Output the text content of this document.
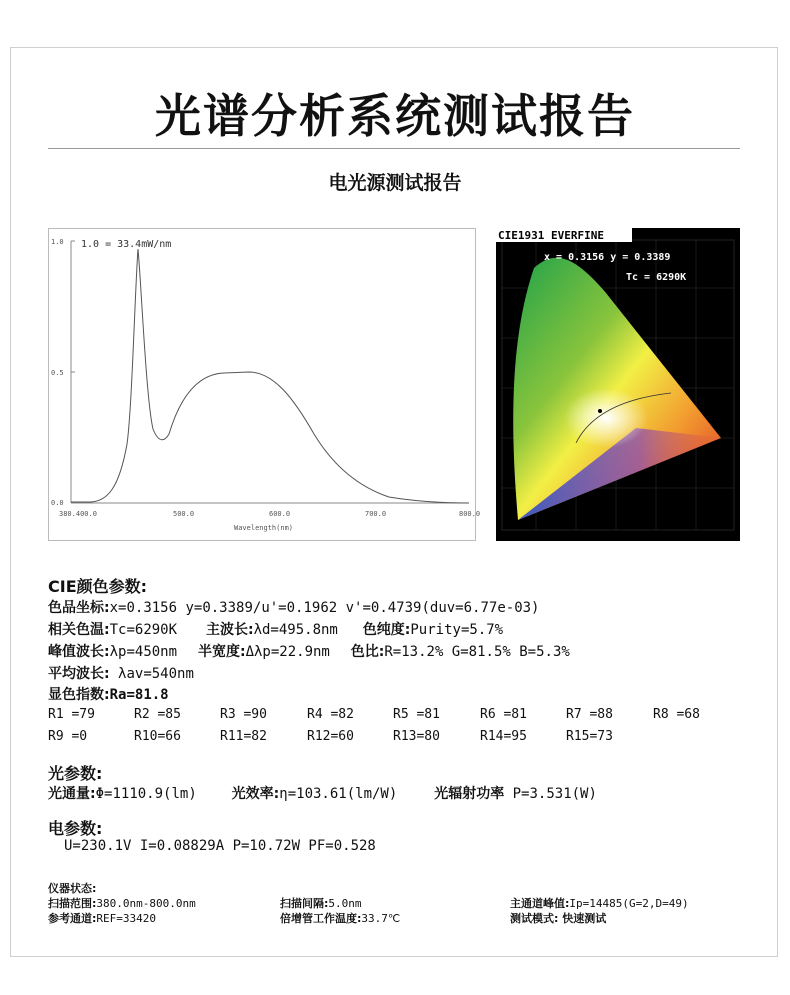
光谱分析系统测试报告
电光源测试报告
1.0
0.5
0.0
1.0 = 33.4mW/nm
380.400.0	500.0	600.0	700.0	800.0
Wavelength(nm)
CIE1931 EVERFINE
x = 0.3156 y = 0.3389
Tc = 6290K
CIE颜色参数:
色品坐标:x=0.3156 y=0.3389/u'=0.1962 v'=0.4739(duv=6.77e-03)
相关色温:Tc=6290K 主波长:λd=495.8nm 色纯度:Purity=5.7%
峰值波长:λp=450nm 半宽度:Δλp=22.9nm 色比:R=13.2% G=81.5% B=5.3%
平均波长: λav=540nm
显色指数:Ra=81.8
R1 =79	R2 =85	R3 =90	R4 =82	R5 =81	R6 =81	R7 =88	R8 =68
R9 =0	R10=66	R11=82	R12=60	R13=80	R14=95	R15=73
光参数:
光通量:Φ=1110.9(lm) 光效率:η=103.61(lm/W)	光辐射功率 P=3.531(W)
电参数:
U=230.1V I=0.08829A P=10.72W PF=0.528
仪器状态:
扫描范围:380.0nm-800.0nm	扫描间隔:5.0nm	主通道峰值:Ip=14485(G=2,D=49)
参考通道:REF=33420	倍增管工作温度:33.7℃	测试模式: 快速测试
